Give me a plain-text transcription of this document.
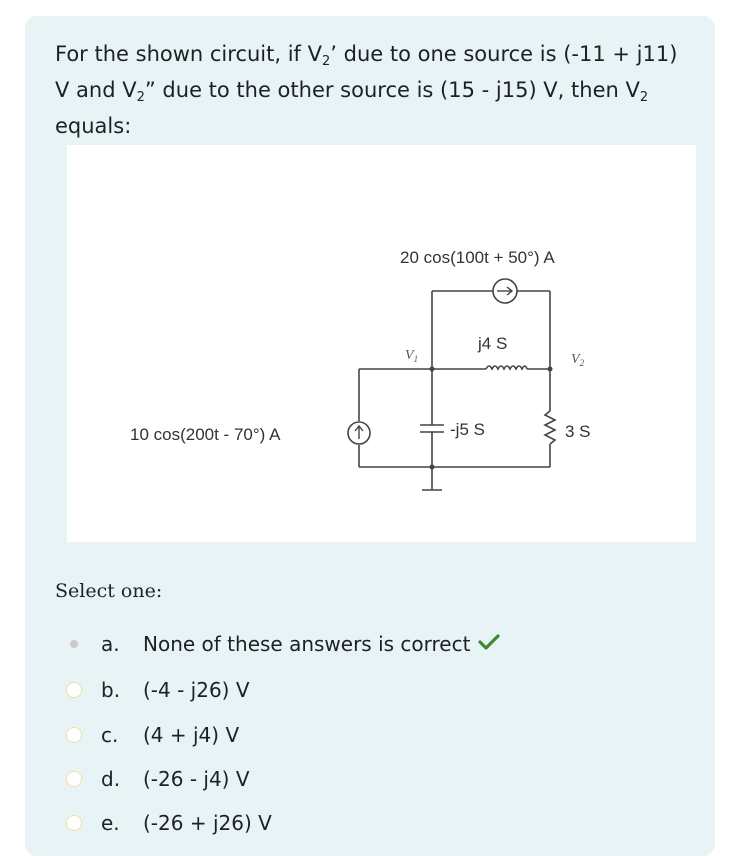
For the shown circuit, if $V_2$’ due to one source is (-11 + j11) V and $V_2$” due to the other source is (15 - j15) V, then $V_2$ equals:
20 cos(100t + 50°) A
10 cos(200t - 70°) A
j4 S
-j5 S	3 S
$V_1$	$V_2$
Select one:
a.	None of these answers is correct
b.	(-4 - j26) V
c.	(4 + j4) V
d.	(-26 - j4) V
e.	(-26 + j26) V
